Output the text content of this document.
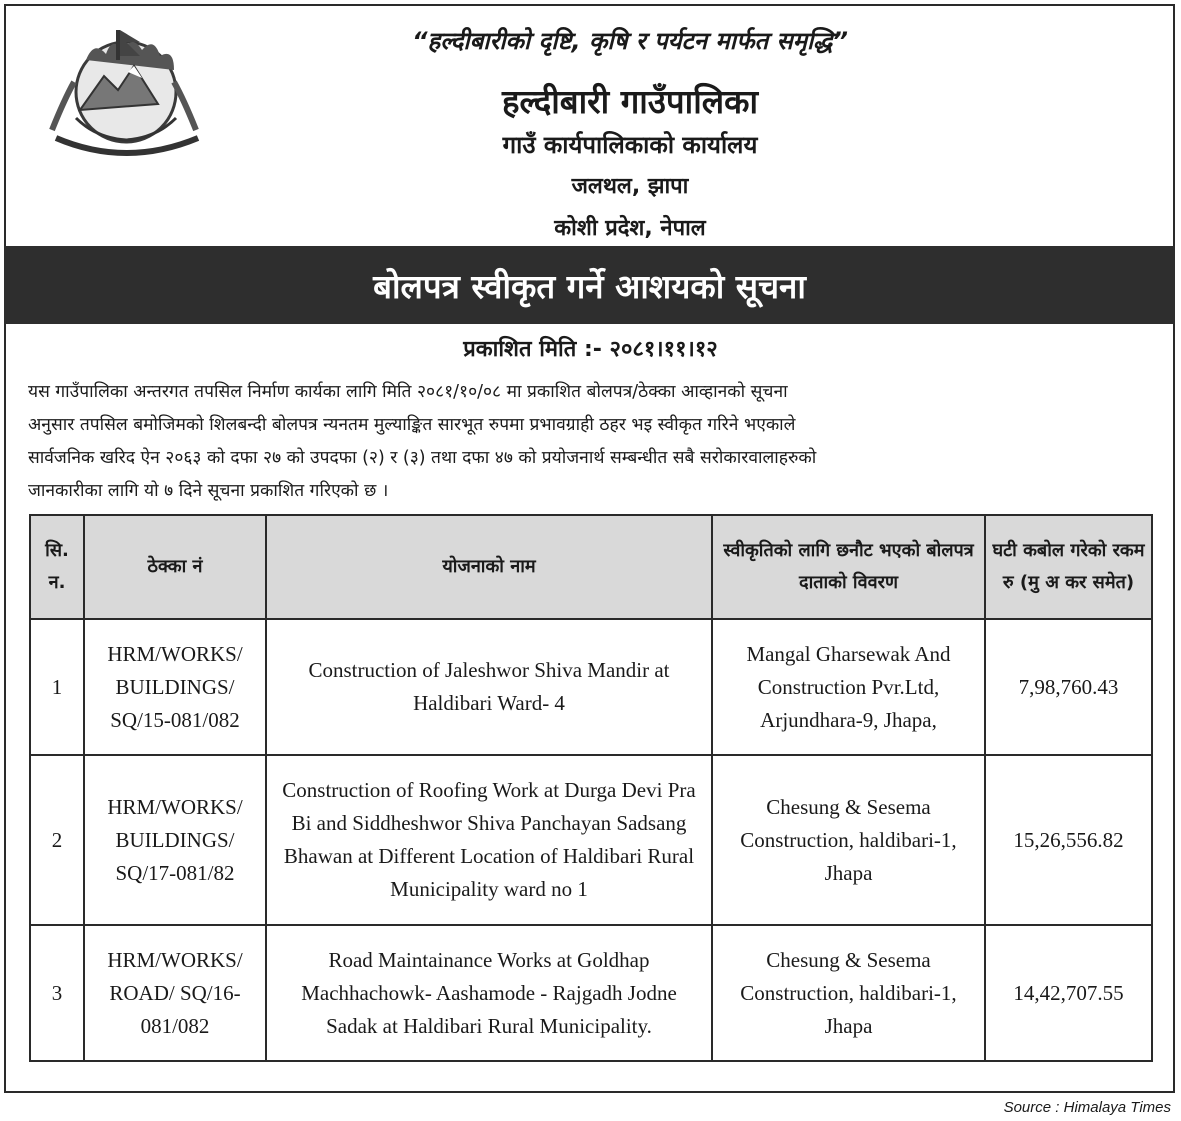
“हल्दीबारीको दृष्टि, कृषि र पर्यटन मार्फत समृद्धि”
हल्दीबारी गाउँपालिका
गाउँ कार्यपालिकाको कार्यालय
जलथल, झापा
कोशी प्रदेश, नेपाल
बोलपत्र स्वीकृत गर्ने आशयको सूचना
प्रकाशित मिति :- २०८१।११।१२
यस गाउँपालिका अन्तरगत तपसिल निर्माण कार्यका लागि मिति २०८१/१०/०८ मा प्रकाशित बोलपत्र/ठेक्का आव्हानको सूचना
अनुसार तपसिल बमोजिमको शिलबन्दी बोलपत्र न्यनतम मुल्याङ्कित सारभूत रुपमा प्रभावग्राही ठहर भइ स्वीकृत गरिने भएकाले
सार्वजनिक खरिद ऐन २०६३ को दफा २७ को उपदफा (२) र (३) तथा दफा ४७ को प्रयोजनार्थ सम्बन्धीत सबै सरोकारवालाहरुको
जानकारीका लागि यो ७ दिने सूचना प्रकाशित गरिएको छ ।
सि. न.	ठेक्का नं	योजनाको नाम	स्वीकृतिको लागि छनौट भएको बोलपत्र दाताको विवरण	घटी कबोल गरेको रकम रु (मु अ कर समेत)
1	HRM/WORKS/ BUILDINGS/ SQ/15-081/082	Construction of Jaleshwor Shiva Mandir at Haldibari Ward- 4	Mangal Gharsewak And Construction Pvr.Ltd, Arjundhara-9, Jhapa,	7,98,760.43
2	HRM/WORKS/ BUILDINGS/ SQ/17-081/82	Construction of Roofing Work at Durga Devi Pra Bi and Siddheshwor Shiva Panchayan Sadsang Bhawan at Different Location of Haldibari Rural Municipality ward no 1	Chesung & Sesema Construction, haldibari-1, Jhapa	15,26,556.82
3	HRM/WORKS/ ROAD/ SQ/16-081/082	Road Maintainance Works at Goldhap Machhachowk- Aashamode - Rajgadh Jodne Sadak at Haldibari Rural Municipality.	Chesung & Sesema Construction, haldibari-1, Jhapa	14,42,707.55
Source : Himalaya Times
